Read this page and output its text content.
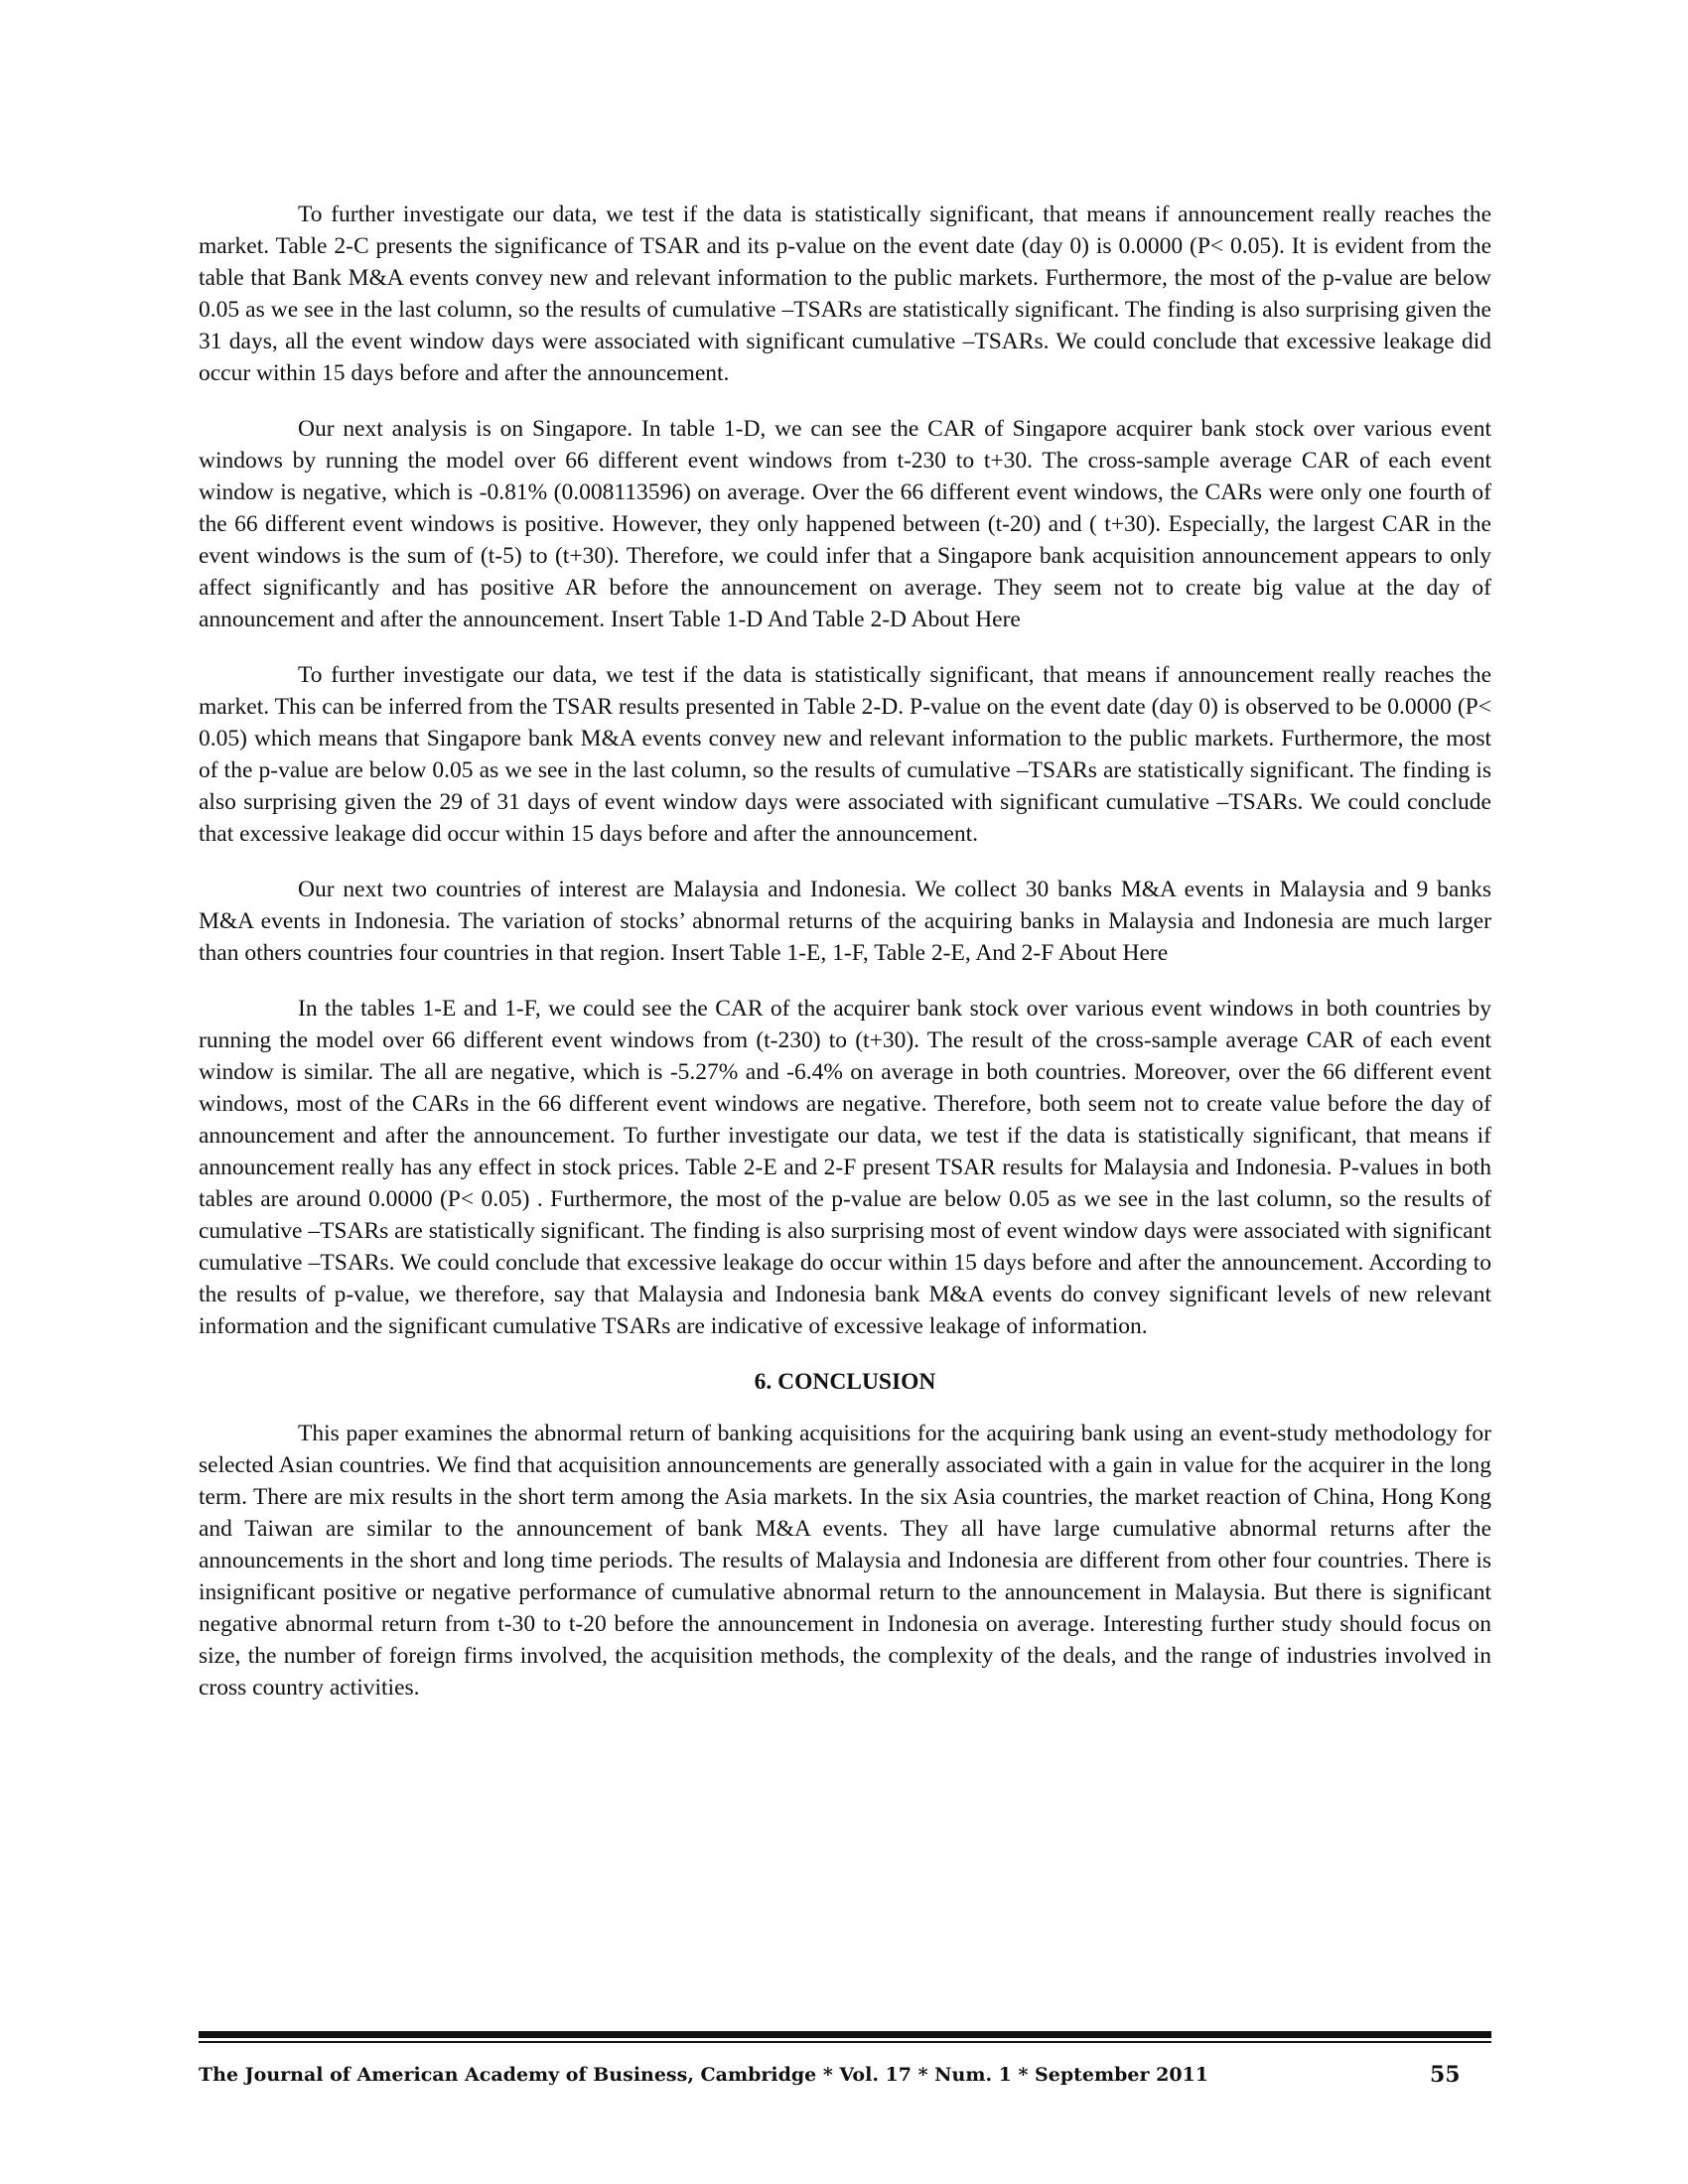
To further investigate our data, we test if the data is statistically significant, that means if announcement really reaches the market. Table 2-C presents the significance of TSAR and its p-value on the event date (day 0) is 0.0000 (P< 0.05). It is evident from the table that Bank M&A events convey new and relevant information to the public markets. Furthermore, the most of the p-value are below 0.05 as we see in the last column, so the results of cumulative –TSARs are statistically significant. The finding is also surprising given the 31 days, all the event window days were associated with significant cumulative –TSARs. We could conclude that excessive leakage did occur within 15 days before and after the announcement.

Our next analysis is on Singapore. In table 1-D, we can see the CAR of Singapore acquirer bank stock over various event windows by running the model over 66 different event windows from t-230 to t+30. The cross-sample average CAR of each event window is negative, which is -0.81% (0.008113596) on average. Over the 66 different event windows, the CARs were only one fourth of the 66 different event windows is positive. However, they only happened between (t-20) and ( t+30). Especially, the largest CAR in the event windows is the sum of (t-5) to (t+30). Therefore, we could infer that a Singapore bank acquisition announcement appears to only affect significantly and has positive AR before the announcement on average. They seem not to create big value at the day of announcement and after the announcement. Insert Table 1-D And Table 2-D About Here

To further investigate our data, we test if the data is statistically significant, that means if announcement really reaches the market. This can be inferred from the TSAR results presented in Table 2-D. P-value on the event date (day 0) is observed to be 0.0000 (P< 0.05) which means that Singapore bank M&A events convey new and relevant information to the public markets. Furthermore, the most of the p-value are below 0.05 as we see in the last column, so the results of cumulative –TSARs are statistically significant. The finding is also surprising given the 29 of 31 days of event window days were associated with significant cumulative –TSARs. We could conclude that excessive leakage did occur within 15 days before and after the announcement.

Our next two countries of interest are Malaysia and Indonesia. We collect 30 banks M&A events in Malaysia and 9 banks M&A events in Indonesia. The variation of stocks’ abnormal returns of the acquiring banks in Malaysia and Indonesia are much larger than others countries four countries in that region. Insert Table 1-E, 1-F, Table 2-E, And 2-F About Here

In the tables 1-E and 1-F, we could see the CAR of the acquirer bank stock over various event windows in both countries by running the model over 66 different event windows from (t-230) to (t+30). The result of the cross-sample average CAR of each event window is similar. The all are negative, which is -5.27% and -6.4% on average in both countries. Moreover, over the 66 different event windows, most of the CARs in the 66 different event windows are negative. Therefore, both seem not to create value before the day of announcement and after the announcement. To further investigate our data, we test if the data is statistically significant, that means if announcement really has any effect in stock prices. Table 2-E and 2-F present TSAR results for Malaysia and Indonesia. P-values in both tables are around 0.0000 (P< 0.05) . Furthermore, the most of the p-value are below 0.05 as we see in the last column, so the results of cumulative –TSARs are statistically significant. The finding is also surprising most of event window days were associated with significant cumulative –TSARs. We could conclude that excessive leakage do occur within 15 days before and after the announcement. According to the results of p-value, we therefore, say that Malaysia and Indonesia bank M&A events do convey significant levels of new relevant information and the significant cumulative TSARs are indicative of excessive leakage of information.

6. CONCLUSION

This paper examines the abnormal return of banking acquisitions for the acquiring bank using an event-study methodology for selected Asian countries. We find that acquisition announcements are generally associated with a gain in value for the acquirer in the long term. There are mix results in the short term among the Asia markets. In the six Asia countries, the market reaction of China, Hong Kong and Taiwan are similar to the announcement of bank M&A events. They all have large cumulative abnormal returns after the announcements in the short and long time periods. The results of Malaysia and Indonesia are different from other four countries. There is insignificant positive or negative performance of cumulative abnormal return to the announcement in Malaysia. But there is significant negative abnormal return from t-30 to t-20 before the announcement in Indonesia on average. Interesting further study should focus on size, the number of foreign firms involved, the acquisition methods, the complexity of the deals, and the range of industries involved in cross country activities.

The Journal of American Academy of Business, Cambridge * Vol. 17 * Num. 1 * September 2011	55
